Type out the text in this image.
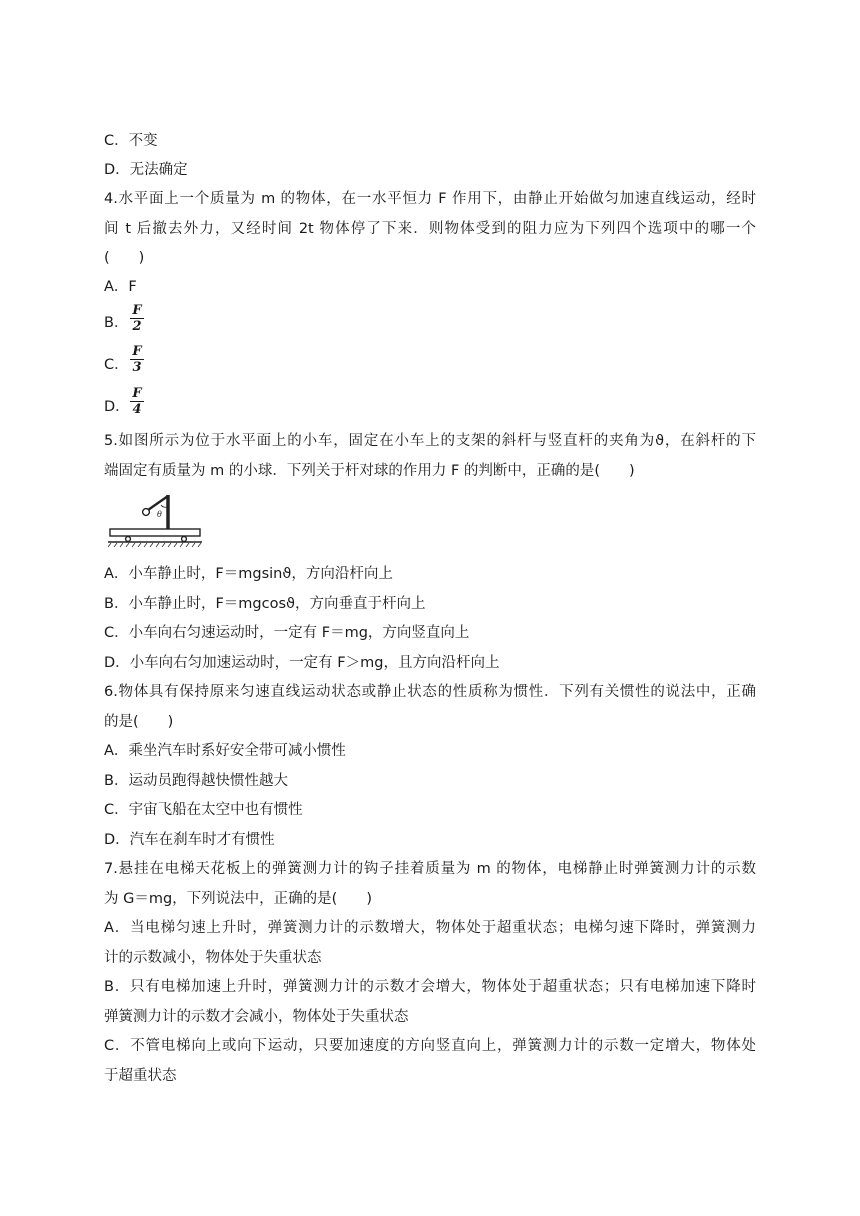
C．不变
D．无法确定
4.水平面上一个质量为 m 的物体，在一水平恒力 F 作用下，由静止开始做匀加速直线运动，经时
间 t 后撤去外力，又经时间 2t 物体停了下来．则物体受到的阻力应为下列四个选项中的哪一个
(　　)
A．F
B．
F
2
C．
F
3
D．
F
4
5.如图所示为位于水平面上的小车，固定在小车上的支架的斜杆与竖直杆的夹角为ϑ，在斜杆的下
端固定有质量为 m 的小球．下列关于杆对球的作用力 F 的判断中，正确的是(　　)
θ
A．小车静止时，F＝mgsinϑ，方向沿杆向上
B．小车静止时，F＝mgcosϑ，方向垂直于杆向上
C．小车向右匀速运动时，一定有 F＝mg，方向竖直向上
D．小车向右匀加速运动时，一定有 F＞mg，且方向沿杆向上
6.物体具有保持原来匀速直线运动状态或静止状态的性质称为惯性．下列有关惯性的说法中，正确
的是(　　)
A．乘坐汽车时系好安全带可减小惯性
B．运动员跑得越快惯性越大
C．宇宙飞船在太空中也有惯性
D．汽车在刹车时才有惯性
7.悬挂在电梯天花板上的弹簧测力计的钩子挂着质量为 m 的物体，电梯静止时弹簧测力计的示数
为 G＝mg，下列说法中，正确的是(　　)
A．当电梯匀速上升时，弹簧测力计的示数增大，物体处于超重状态；电梯匀速下降时，弹簧测力
计的示数减小，物体处于失重状态
B．只有电梯加速上升时，弹簧测力计的示数才会增大，物体处于超重状态；只有电梯加速下降时
弹簧测力计的示数才会减小，物体处于失重状态
C．不管电梯向上或向下运动，只要加速度的方向竖直向上，弹簧测力计的示数一定增大，物体处
于超重状态
